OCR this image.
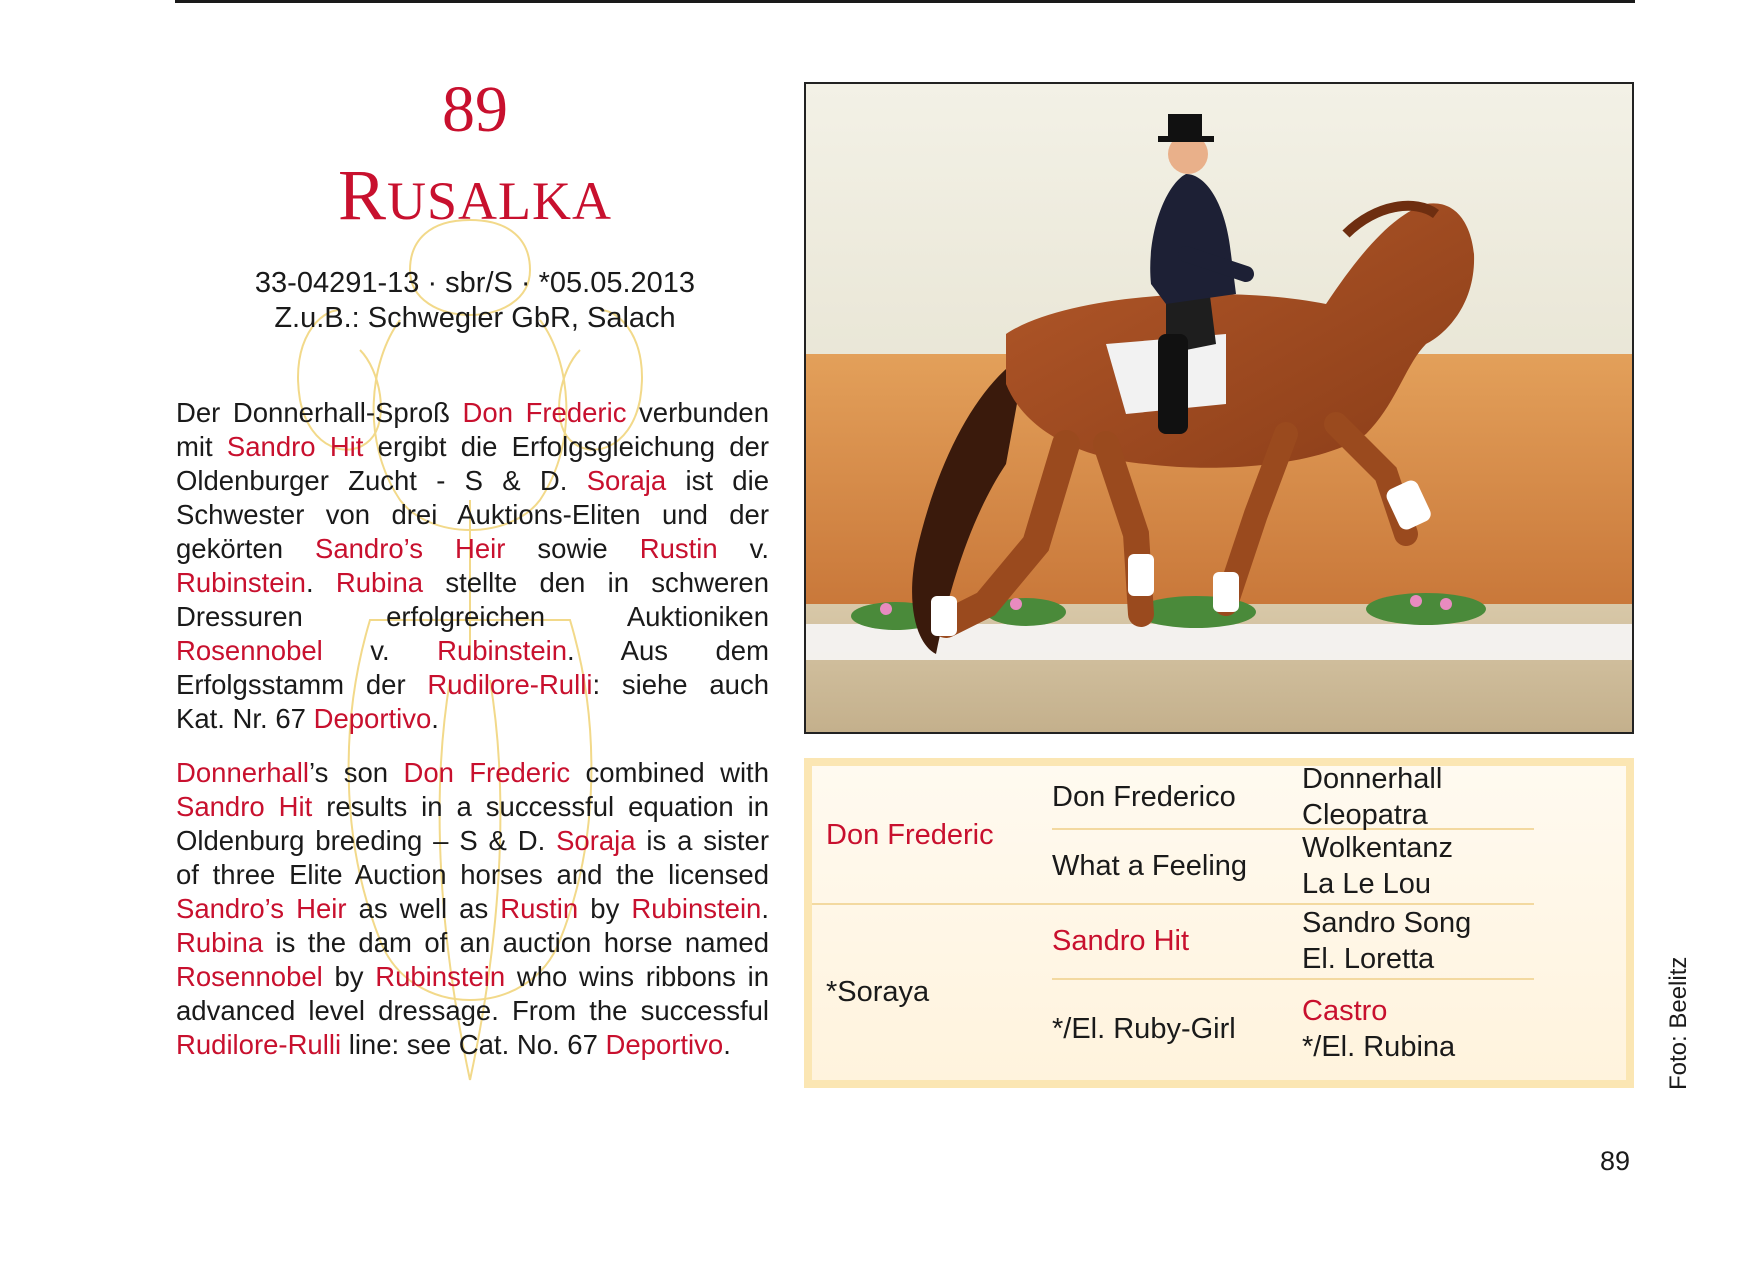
89
RUSALKA
33-04291-13 · sbr/S · *05.05.2013
Z.u.B.: Schwegler GbR, Salach

Der Donnerhall-Sproß Don Frederic verbunden mit Sandro Hit ergibt die Erfolgsgleichung der Oldenburger Zucht - S & D. Soraja ist die Schwester von drei Auktions-Eliten und der gekörten Sandro’s Heir sowie Rustin v. Rubinstein. Rubina stellte den in schweren Dressuren erfolgreichen Auktioniken Rosennobel v. Rubinstein. Aus dem Erfolgsstamm der Rudilore-Rulli: siehe auch Kat. Nr. 67 Deportivo.

Donnerhall’s son Don Frederic combined with Sandro Hit results in a successful equation in Oldenburg breeding – S & D. Soraja is a sister of three Elite Auction horses and the licensed Sandro’s Heir as well as Rustin by Rubinstein. Rubina is the dam of an auction horse named Rosennobel by Rubinstein who wins ribbons in advanced level dressage. From the successful Rudilore-Rulli line: see Cat. No. 67 Deportivo.

Don Frederic
*Soraya
Don Frederico
What a Feeling
Sandro Hit
*/El. Ruby-Girl
Donnerhall
Cleopatra
Wolkentanz
La Le Lou
Sandro Song
El. Loretta
Castro
*/El. Rubina	Foto: Beelitz
89
